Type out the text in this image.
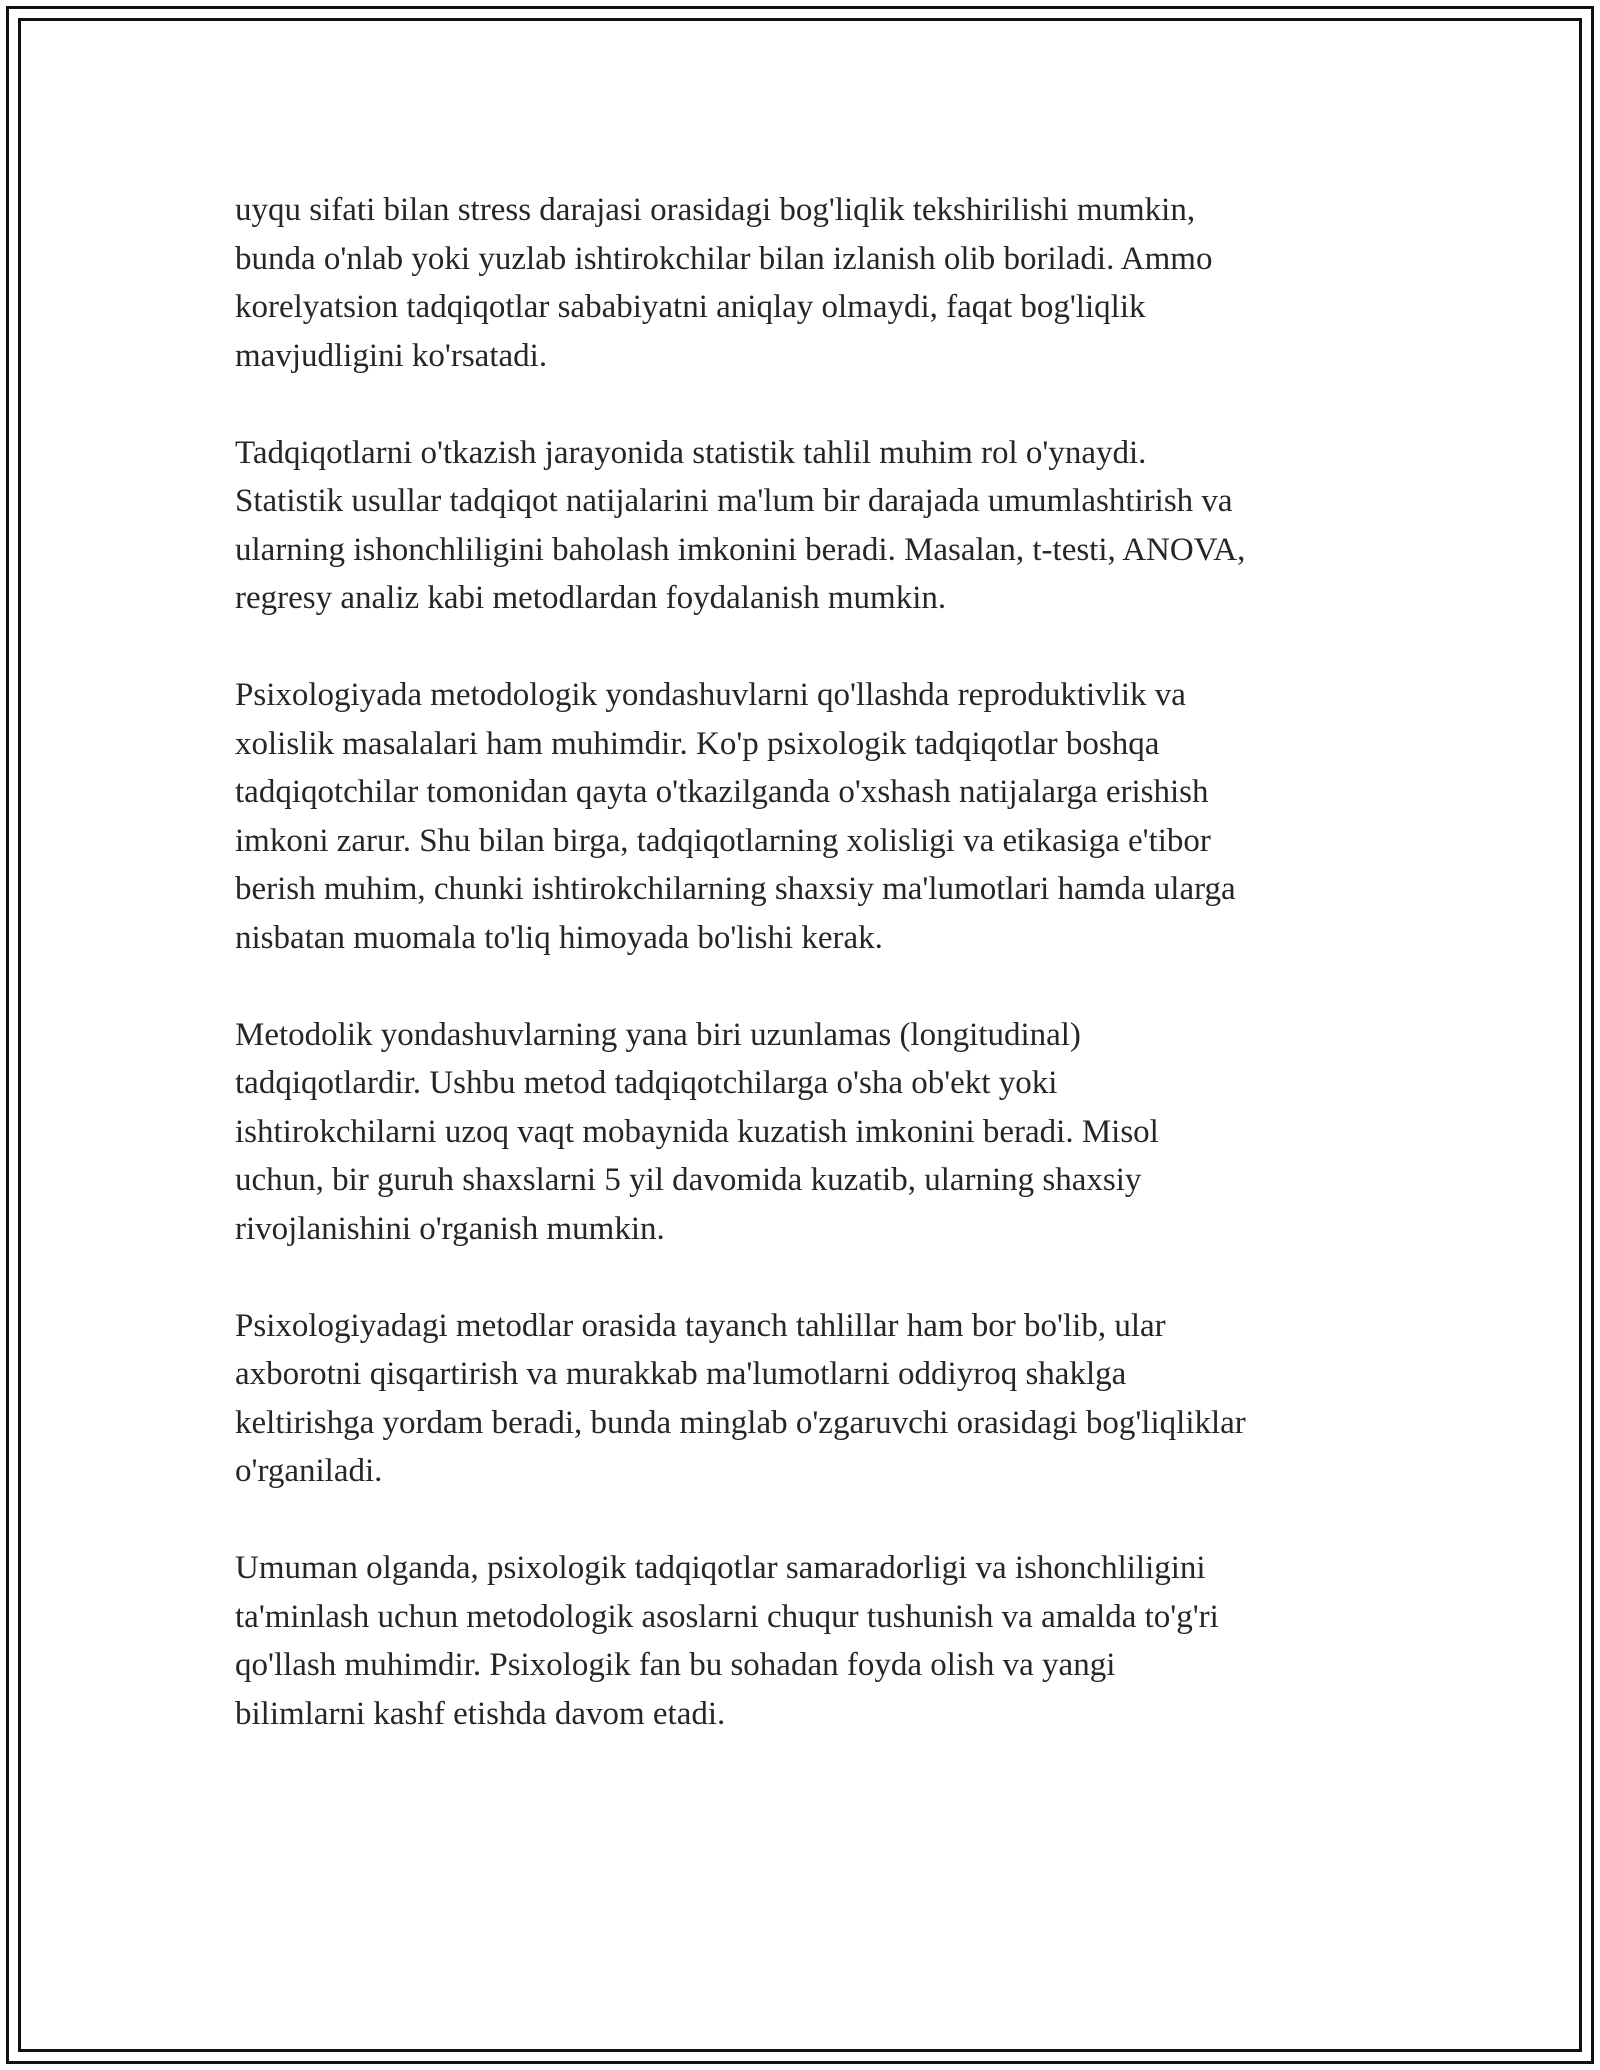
uyqu sifati bilan stress darajasi orasidagi bog'liqlik tekshirilishi mumkin,
bunda o'nlab yoki yuzlab ishtirokchilar bilan izlanish olib boriladi. Ammo
korelyatsion tadqiqotlar sababiyatni aniqlay olmaydi, faqat bog'liqlik
mavjudligini ko'rsatadi.

Tadqiqotlarni o'tkazish jarayonida statistik tahlil muhim rol o'ynaydi.
Statistik usullar tadqiqot natijalarini ma'lum bir darajada umumlashtirish va
ularning ishonchliligini baholash imkonini beradi. Masalan, t-testi, ANOVA,
regresy analiz kabi metodlardan foydalanish mumkin.

Psixologiyada metodologik yondashuvlarni qo'llashda reproduktivlik va
xolislik masalalari ham muhimdir. Ko'p psixologik tadqiqotlar boshqa
tadqiqotchilar tomonidan qayta o'tkazilganda o'xshash natijalarga erishish
imkoni zarur. Shu bilan birga, tadqiqotlarning xolisligi va etikasiga e'tibor
berish muhim, chunki ishtirokchilarning shaxsiy ma'lumotlari hamda ularga
nisbatan muomala to'liq himoyada bo'lishi kerak.

Metodolik yondashuvlarning yana biri uzunlamas (longitudinal)
tadqiqotlardir. Ushbu metod tadqiqotchilarga o'sha ob'ekt yoki
ishtirokchilarni uzoq vaqt mobaynida kuzatish imkonini beradi. Misol
uchun, bir guruh shaxslarni 5 yil davomida kuzatib, ularning shaxsiy
rivojlanishini o'rganish mumkin.

Psixologiyadagi metodlar orasida tayanch tahlillar ham bor bo'lib, ular
axborotni qisqartirish va murakkab ma'lumotlarni oddiyroq shaklga
keltirishga yordam beradi, bunda minglab o'zgaruvchi orasidagi bog'liqliklar
o'rganiladi.

Umuman olganda, psixologik tadqiqotlar samaradorligi va ishonchliligini
ta'minlash uchun metodologik asoslarni chuqur tushunish va amalda to'g'ri
qo'llash muhimdir. Psixologik fan bu sohadan foyda olish va yangi
bilimlarni kashf etishda davom etadi.
